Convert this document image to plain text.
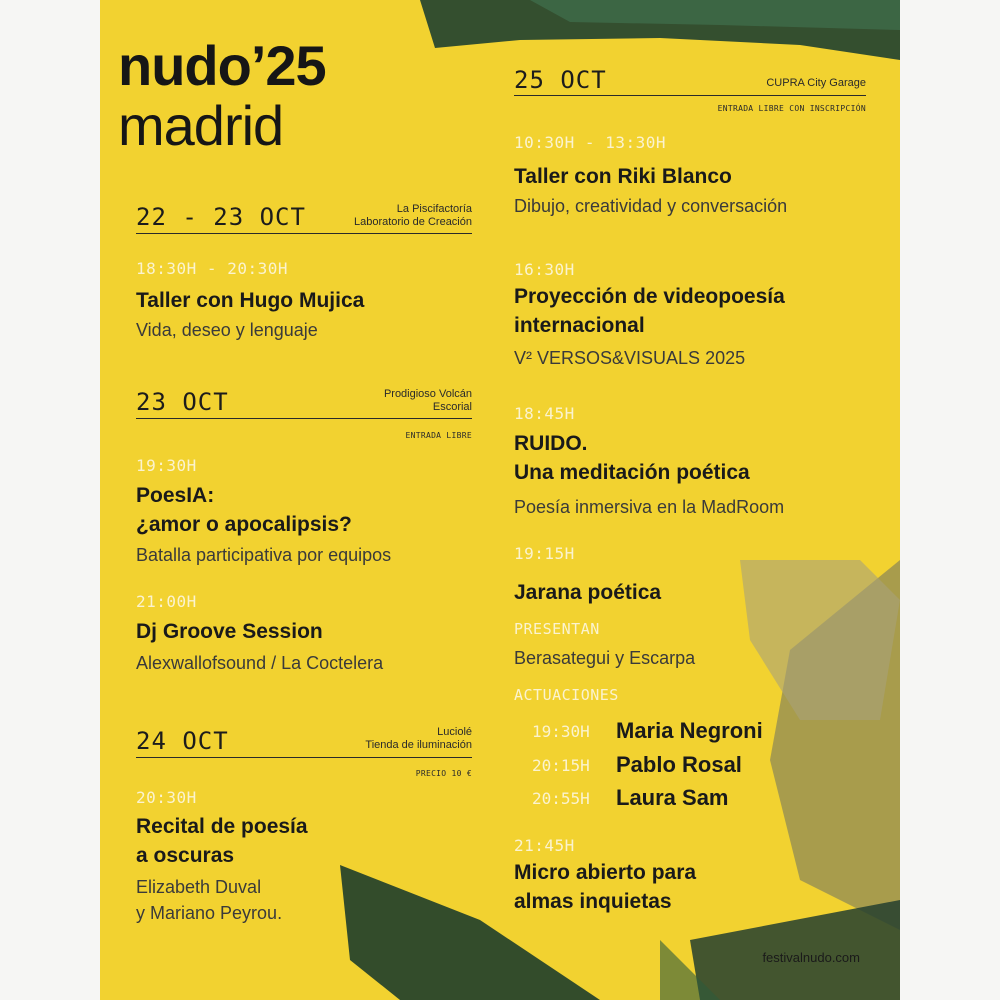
nudo’25
madrid
22 - 23 OCT	La Piscifactoría
Laboratorio de Creación
18:30H - 20:30H
Taller con Hugo Mujica
Vida, deseo y lenguaje
23 OCT	Prodigioso Volcán
Escorial
ENTRADA LIBRE
19:30H
PoesIA:
¿amor o apocalipsis?
Batalla participativa por equipos
21:00H
Dj Groove Session
Alexwallofsound / La Coctelera
24 OCT	Luciolé
Tienda de iluminación
PRECIO 10 €
20:30H
Recital de poesía
a oscuras
Elizabeth Duval
y Mariano Peyrou.
25 OCT	CUPRA City Garage
ENTRADA LIBRE CON INSCRIPCIÓN
10:30H - 13:30H
Taller con Riki Blanco
Dibujo, creatividad y conversación
16:30H
Proyección de videopoesía
internacional
V² VERSOS&VISUALS 2025
18:45H
RUIDO.
Una meditación poética
Poesía inmersiva en la MadRoom
19:15H
Jarana poética
PRESENTAN
Berasategui y Escarpa
ACTUACIONES
19:30H	Maria Negroni
20:15H	Pablo Rosal
20:55H	Laura Sam
21:45H
Micro abierto para
almas inquietas
festivalnudo.com
